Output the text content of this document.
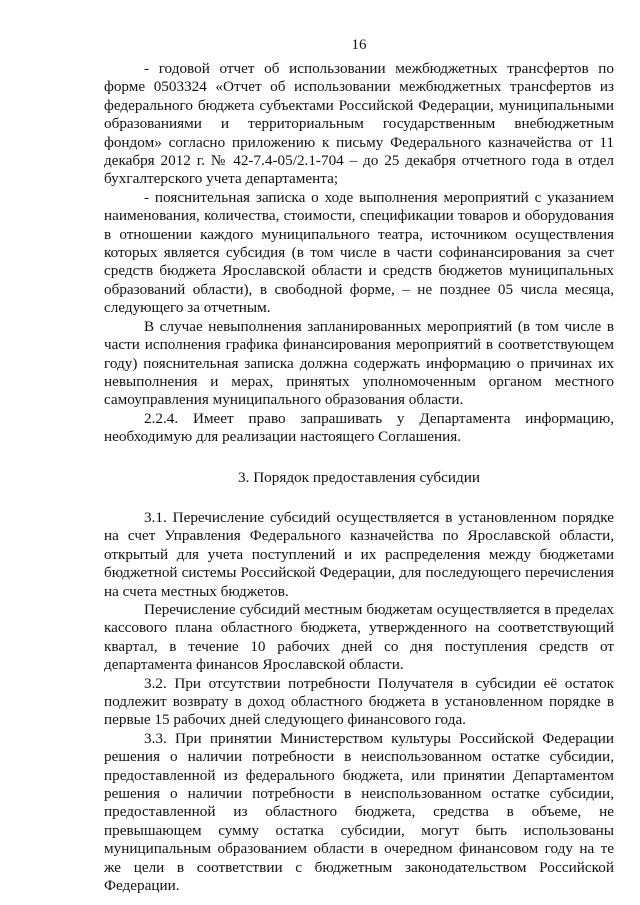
16

- годовой отчет об использовании межбюджетных трансфертов по форме 0503324 «Отчет об использовании межбюджетных трансфертов из федерального бюджета субъектами Российской Федерации, муниципальными образованиями и территориальным государственным внебюджетным фондом» согласно приложению к письму Федерального казначейства от 11 декабря 2012 г. № 42-7.4-05/2.1-704 – до 25 декабря отчетного года в отдел бухгалтерского учета департамента;

- пояснительная записка о ходе выполнения мероприятий с указанием наименования, количества, стоимости, спецификации товаров и оборудования в отношении каждого муниципального театра, источником осуществления которых является субсидия (в том числе в части софинансирования за счет средств бюджета Ярославской области и средств бюджетов муниципальных образований области), в свободной форме, – не позднее 05 числа месяца, следующего за отчетным.

В случае невыполнения запланированных мероприятий (в том числе в части исполнения графика финансирования мероприятий в соответствующем году) пояснительная записка должна содержать информацию о причинах их невыполнения и мерах, принятых уполномоченным органом местного самоуправления муниципального образования области.

2.2.4. Имеет право запрашивать у Департамента информацию, необходимую для реализации настоящего Соглашения.

3. Порядок предоставления субсидии

3.1. Перечисление субсидий осуществляется в установленном порядке на счет Управления Федерального казначейства по Ярославской области, открытый для учета поступлений и их распределения между бюджетами бюджетной системы Российской Федерации, для последующего перечисления на счета местных бюджетов.

Перечисление субсидий местным бюджетам осуществляется в пределах кассового плана областного бюджета, утвержденного на соответствующий квартал, в течение 10 рабочих дней со дня поступления средств от департамента финансов Ярославской области.

3.2. При отсутствии потребности Получателя в субсидии её остаток подлежит возврату в доход областного бюджета в установленном порядке в первые 15 рабочих дней следующего финансового года.

3.3. При принятии Министерством культуры Российской Федерации решения о наличии потребности в неиспользованном остатке субсидии, предоставленной из федерального бюджета, или принятии Департаментом решения о наличии потребности в неиспользованном остатке субсидии, предоставленной из областного бюджета, средства в объеме, не превышающем сумму остатка субсидии, могут быть использованы муниципальным образованием области в очередном финансовом году на те же цели в соответствии с бюджетным законодательством Российской Федерации.
